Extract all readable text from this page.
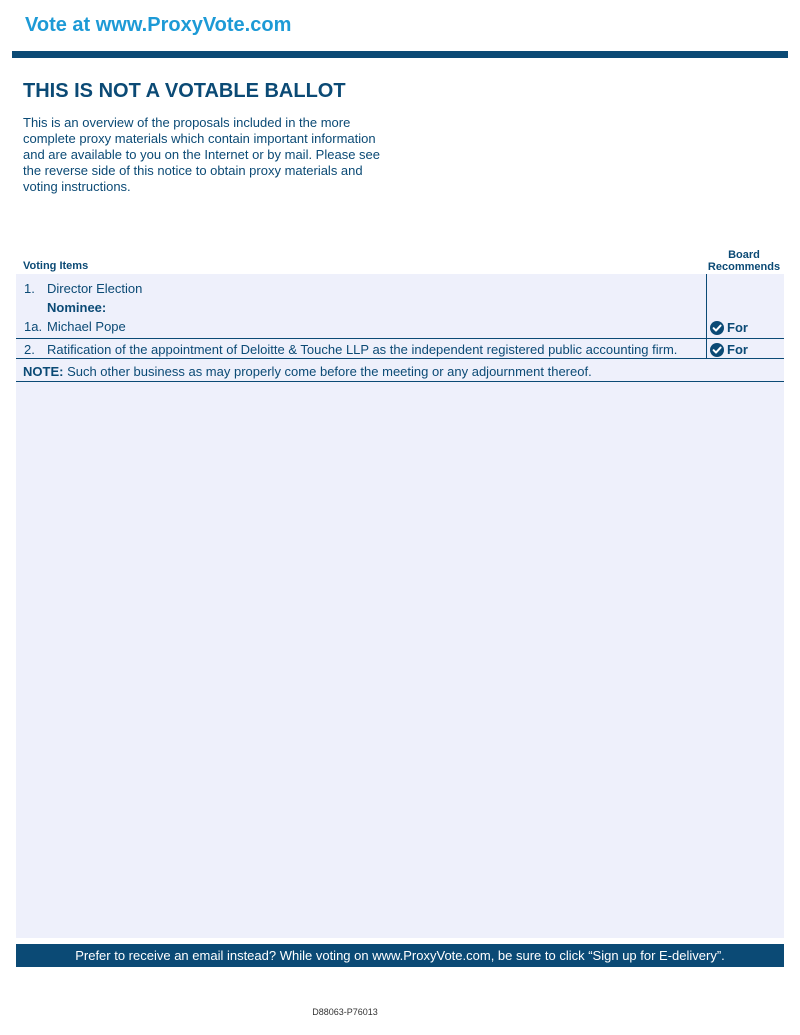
Vote at www.ProxyVote.com
THIS IS NOT A VOTABLE BALLOT
This is an overview of the proposals included in the more complete proxy materials which contain important information and are available to you on the Internet or by mail. Please see the reverse side of this notice to obtain proxy materials and voting instructions.
Voting Items
Board
Recommends
1. Director Election
Nominee:
1a. Michael Pope	For
2. Ratification of the appointment of Deloitte & Touche LLP as the independent registered public accounting firm.	For
NOTE: Such other business as may properly come before the meeting or any adjournment thereof.
Prefer to receive an email instead? While voting on www.ProxyVote.com, be sure to click “Sign up for E-delivery”.
D88063-P76013
